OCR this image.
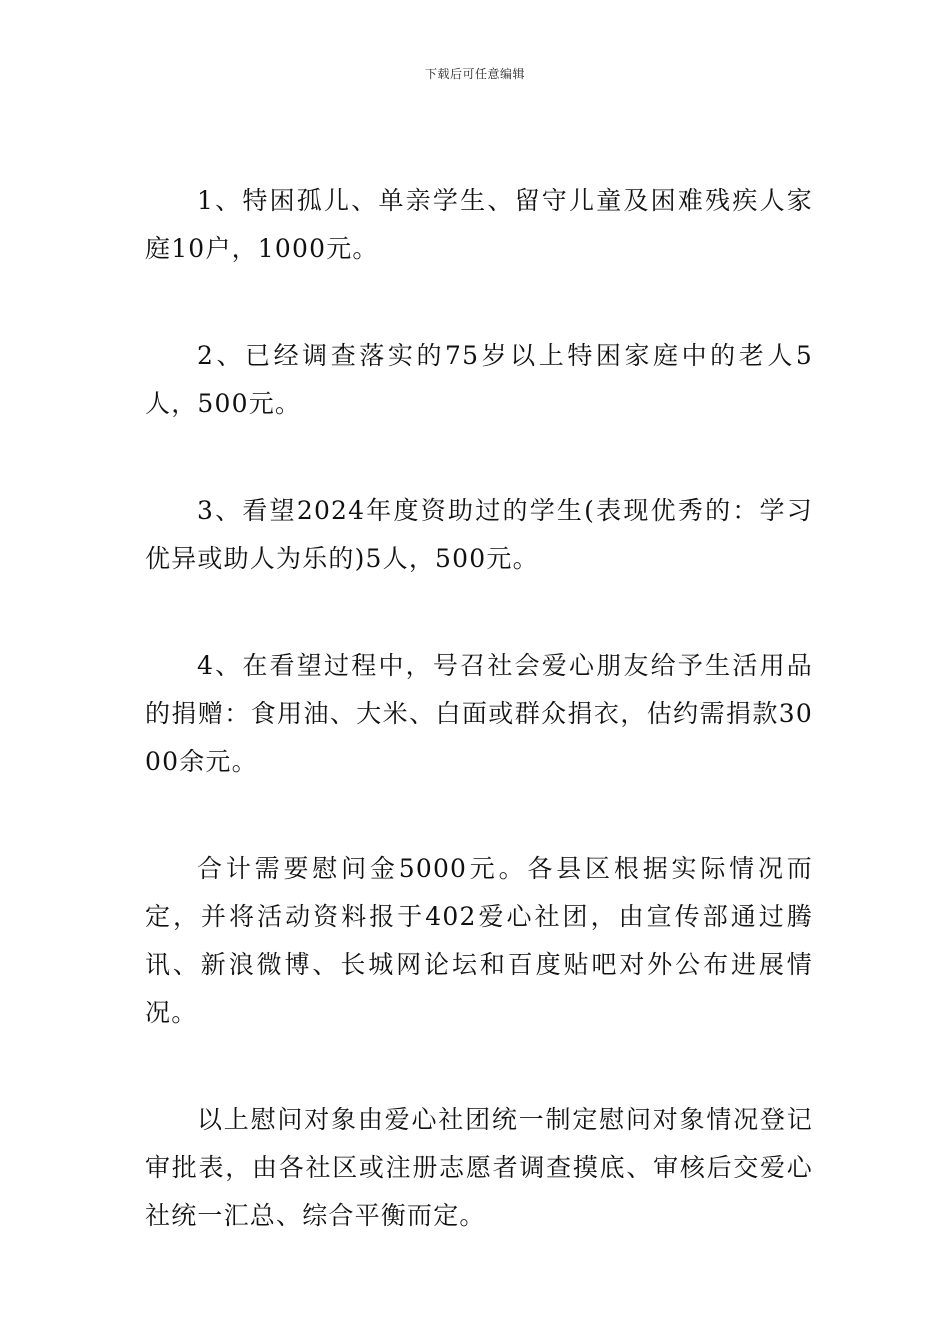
下载后可任意编辑

1、特困孤儿、单亲学生、留守儿童及困难残疾人家庭10户，1000元。

2、已经调查落实的75岁以上特困家庭中的老人5人，500元。

3、看望2024年度资助过的学生(表现优秀的：学习优异或助人为乐的)5人，500元。

4、在看望过程中，号召社会爱心朋友给予生活用品的捐赠：食用油、大米、白面或群众捐衣，估约需捐款3000余元。

合计需要慰问金5000元。各县区根据实际情况而定，并将活动资料报于402爱心社团，由宣传部通过腾讯、新浪微博、长城网论坛和百度贴吧对外公布进展情况。

以上慰问对象由爱心社团统一制定慰问对象情况登记审批表，由各社区或注册志愿者调查摸底、审核后交爱心社统一汇总、综合平衡而定。
